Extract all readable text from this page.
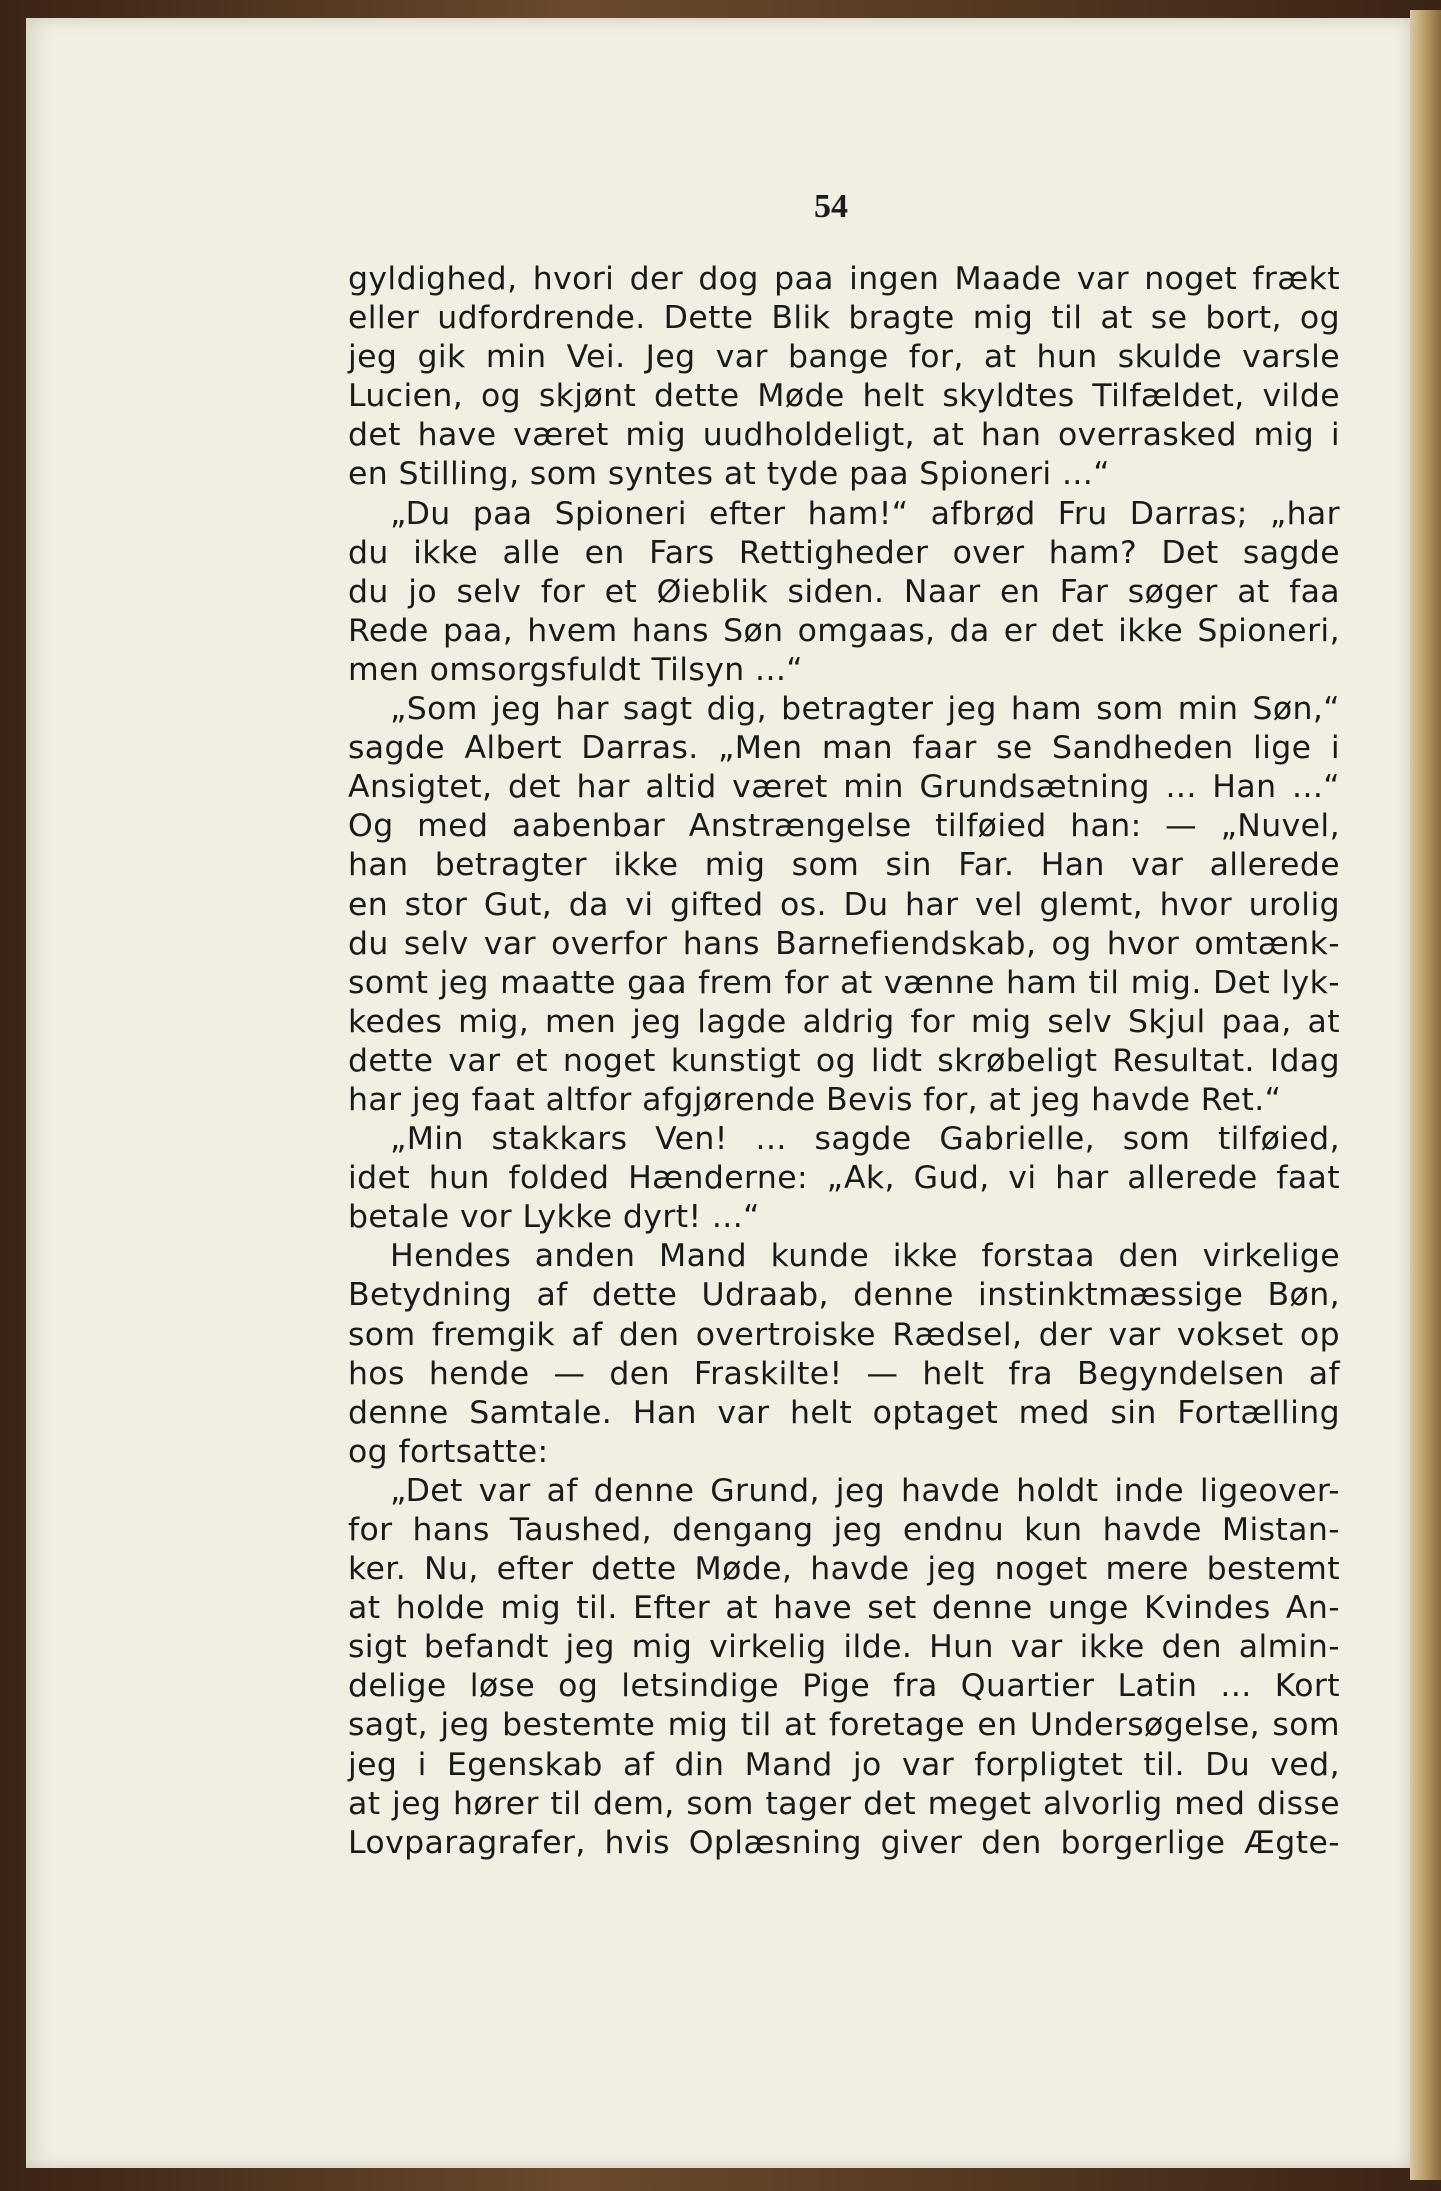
54
gyldighed, hvori der dog paa ingen Maade var noget frækt
eller udfordrende. Dette Blik bragte mig til at se bort, og
jeg gik min Vei. Jeg var bange for, at hun skulde varsle
Lucien, og skjønt dette Møde helt skyldtes Tilfældet, vilde
det have været mig uudholdeligt, at han overrasked mig i
en Stilling, som syntes at tyde paa Spioneri ...“
„Du paa Spioneri efter ham!“ afbrød Fru Darras; „har
du ikke alle en Fars Rettigheder over ham? Det sagde
du jo selv for et Øieblik siden. Naar en Far søger at faa
Rede paa, hvem hans Søn omgaas, da er det ikke Spioneri,
men omsorgsfuldt Tilsyn ...“
„Som jeg har sagt dig, betragter jeg ham som min Søn,“
sagde Albert Darras. „Men man faar se Sandheden lige i
Ansigtet, det har altid været min Grundsætning ... Han ...“
Og med aabenbar Anstrængelse tilføied han: — „Nuvel,
han betragter ikke mig som sin Far. Han var allerede
en stor Gut, da vi gifted os. Du har vel glemt, hvor urolig
du selv var overfor hans Barnefiendskab, og hvor omtænk-
somt jeg maatte gaa frem for at vænne ham til mig. Det lyk-
kedes mig, men jeg lagde aldrig for mig selv Skjul paa, at
dette var et noget kunstigt og lidt skrøbeligt Resultat. Idag
har jeg faat altfor afgjørende Bevis for, at jeg havde Ret.“
„Min stakkars Ven! ... sagde Gabrielle, som tilføied,
idet hun folded Hænderne: „Ak, Gud, vi har allerede faat
betale vor Lykke dyrt! ...“
Hendes anden Mand kunde ikke forstaa den virkelige
Betydning af dette Udraab, denne instinktmæssige Bøn,
som fremgik af den overtroiske Rædsel, der var vokset op
hos hende — den Fraskilte! — helt fra Begyndelsen af
denne Samtale. Han var helt optaget med sin Fortælling
og fortsatte:
„Det var af denne Grund, jeg havde holdt inde ligeover-
for hans Taushed, dengang jeg endnu kun havde Mistan-
ker. Nu, efter dette Møde, havde jeg noget mere bestemt
at holde mig til. Efter at have set denne unge Kvindes An-
sigt befandt jeg mig virkelig ilde. Hun var ikke den almin-
delige løse og letsindige Pige fra Quartier Latin ... Kort
sagt, jeg bestemte mig til at foretage en Undersøgelse, som
jeg i Egenskab af din Mand jo var forpligtet til. Du ved,
at jeg hører til dem, som tager det meget alvorlig med disse
Lovparagrafer, hvis Oplæsning giver den borgerlige Ægte-
